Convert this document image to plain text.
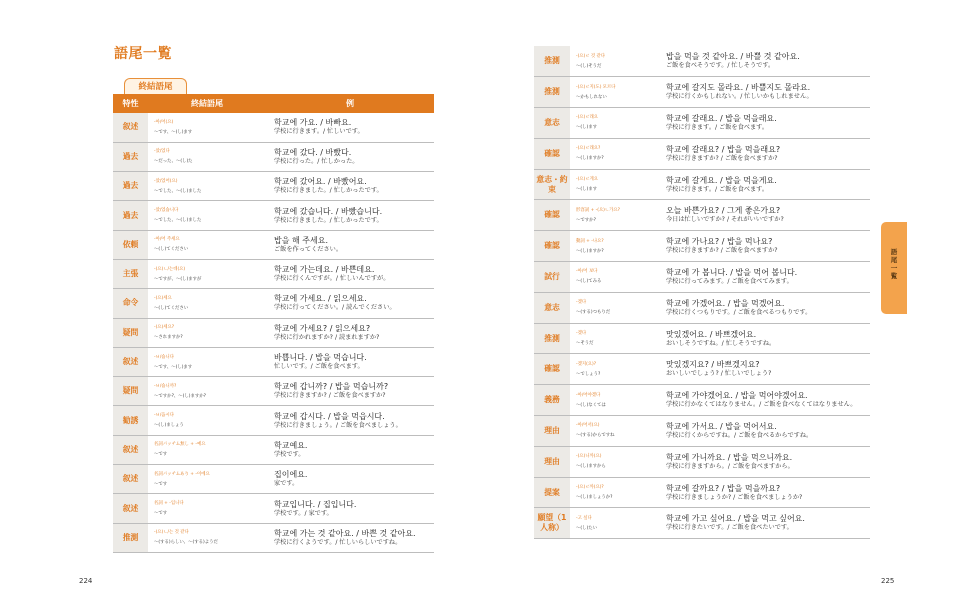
語尾一覧
終結語尾
特性	終結語尾	例
叙述	-아/어(요)
～です、～(し)ます	학교에 가요. / 바빠요.
学校に行きます。/ 忙しいです。

過去	-았/었다
～だった、～(し)た	학교에 갔다. / 바빴다.
学校に行った。/ 忙しかった。

過去	-았/었어(요)
～でした、～(し)ました	학교에 갔어요. / 바빴어요.
学校に行きました。/ 忙しかったです。

過去	-았/었습니다
～でした、～(し)ました	학교에 갔습니다. / 바빴습니다.
学校に行きました。/ 忙しかったです。

依頼	-아/어 주세요
～(し)てください	밥을 해 주세요.
ご飯を作ってください。

主張	-(으)ㄴ/는데(요)
～ですが、～(し)ますが	학교에 가는데요. / 바쁜데요.
学校に行くんですが。/ 忙しいんですが。

命令	-(으)세요
～(し)てください	학교에 가세요. / 읽으세요.
学校に行ってください。/ 読んでください。

疑問	-(으)세요?
～されますか?	학교에 가세요? / 읽으세요?
学校に行かれますか? / 読まれますか?

叙述	-ㅂ/습니다
～です、～(し)ます	바쁩니다. / 밥을 먹습니다.
忙しいです。/ ご飯を食べます。

疑問	-ㅂ/습니까?
～ですか?、～(し)ますか?	학교에 갑니까? / 밥을 먹습니까?
学校に行きますか? / ご飯を食べますか?

勧誘	-ㅂ/읍시다
～(し)ましょう	학교에 갑시다. / 밥을 먹읍시다.
学校に行きましょう。/ ご飯を食べましょう。

叙述	名詞パッチム無し + -예요
～です	학교예요.
学校です。

叙述	名詞パッチムあり + -이에요
～です	집이에요.
家です。

叙述	名詞 + -입니다
～です	학교입니다. / 집입니다.
学校です。/ 家です。

推測	-(으)ㄴ/는 것 같다
～(する)らしい、～(する)ようだ	학교에 가는 것 같아요. / 바쁜 것 같아요.
学校に行くようです。/ 忙しいらしいですね。
224
推測	-(으)ㄹ 것 같다
～(し)そうだ	밥을 먹을 것 같아요. / 바쁠 것 같아요.
ご飯を食べそうです。/ 忙しそうです。

推測	-(으)ㄹ지(도) 모르다
～かもしれない	학교에 갈지도 몰라요. / 바쁠지도 몰라요.
学校に行くかもしれない。/ 忙しいかもしれません。

意志	-(으)ㄹ래요
～(し)ます	학교에 갈래요. / 밥을 먹을래요.
学校に行きます。/ ご飯を食べます。

確認	-(으)ㄹ래요?
～(し)ますか?	학교에 갈래요? / 밥을 먹을래요?
学校に行きますか? / ご飯を食べますか?

意志・約束	-(으)ㄹ게요
～(し)ます	학교에 갈게요. / 밥을 먹을게요.
学校に行きます。/ ご飯を食べます。

確認	形容詞 + -(으)ㄴ가요?
～ですか?	오늘 바쁜가요? / 그게 좋은가요?
今日は忙しいですか? / それがいいですか?

確認	動詞 + -나요?
～(し)ますか?	학교에 가나요? / 밥을 먹나요?
学校に行きますか? / ご飯を食べますか?

試行	-아/어 보다
～(し)てみる	학교에 가 봅니다. / 밥을 먹어 봅니다.
学校に行ってみます。/ ご飯を食べてみます。

意志	-겠다
～(する)つもりだ	학교에 가겠어요. / 밥을 먹겠어요.
学校に行くつもりです。/ ご飯を食べるつもりです。

推測	-겠다
～そうだ	맛있겠어요. / 바쁘겠어요.
おいしそうですね。/ 忙しそうですね。

確認	-겠지(요)?
～でしょう?	맛있겠지요? / 바쁘겠지요?
おいしいでしょう? / 忙しいでしょう?

義務	-아/어야겠다
～(し)なくては	학교에 가야겠어요. / 밥을 먹어야겠어요.
学校に行かなくてはなりません。/ ご飯を食べなくてはなりません。

理由	-아/어서(요)
～(する)からですね	학교에 가서요. / 밥을 먹어서요.
学校に行くからですね。/ ご飯を食べるからですね。

理由	-(으)니까(요)
～(し)ますから	학교에 가니까요. / 밥을 먹으니까요.
学校に行きますから。/ ご飯を食べますから。

提案	-(으)ㄹ까(요)?
～(し)ましょうか?	학교에 갈까요? / 밥을 먹을까요?
学校に行きましょうか? / ご飯を食べましょうか?

願望（1人称）	-고 싶다
～(し)たい	학교에 가고 싶어요. / 밥을 먹고 싶어요.
学校に行きたいです。/ ご飯を食べたいです。
語尾一覧
225
